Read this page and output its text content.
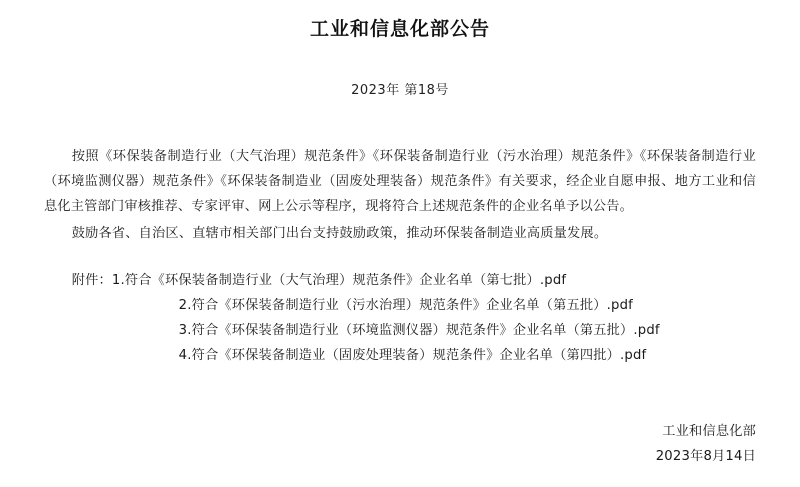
工业和信息化部公告
2023年 第18号

按照《环保装备制造行业（大气治理）规范条件》《环保装备制造行业（污水治理）规范条件》《环保装备制造行业（环境监测仪器）规范条件》《环保装备制造业（固废处理装备）规范条件》有关要求，经企业自愿申报、地方工业和信息化主管部门审核推荐、专家评审、网上公示等程序，现将符合上述规范条件的企业名单予以公告。

鼓励各省、自治区、直辖市相关部门出台支持鼓励政策，推动环保装备制造业高质量发展。

附件：1.符合《环保装备制造行业（大气治理）规范条件》企业名单（第七批）.pdf
2.符合《环保装备制造行业（污水治理）规范条件》企业名单（第五批）.pdf
3.符合《环保装备制造行业（环境监测仪器）规范条件》企业名单（第五批）.pdf
4.符合《环保装备制造业（固废处理装备）规范条件》企业名单（第四批）.pdf
工业和信息化部
2023年8月14日
